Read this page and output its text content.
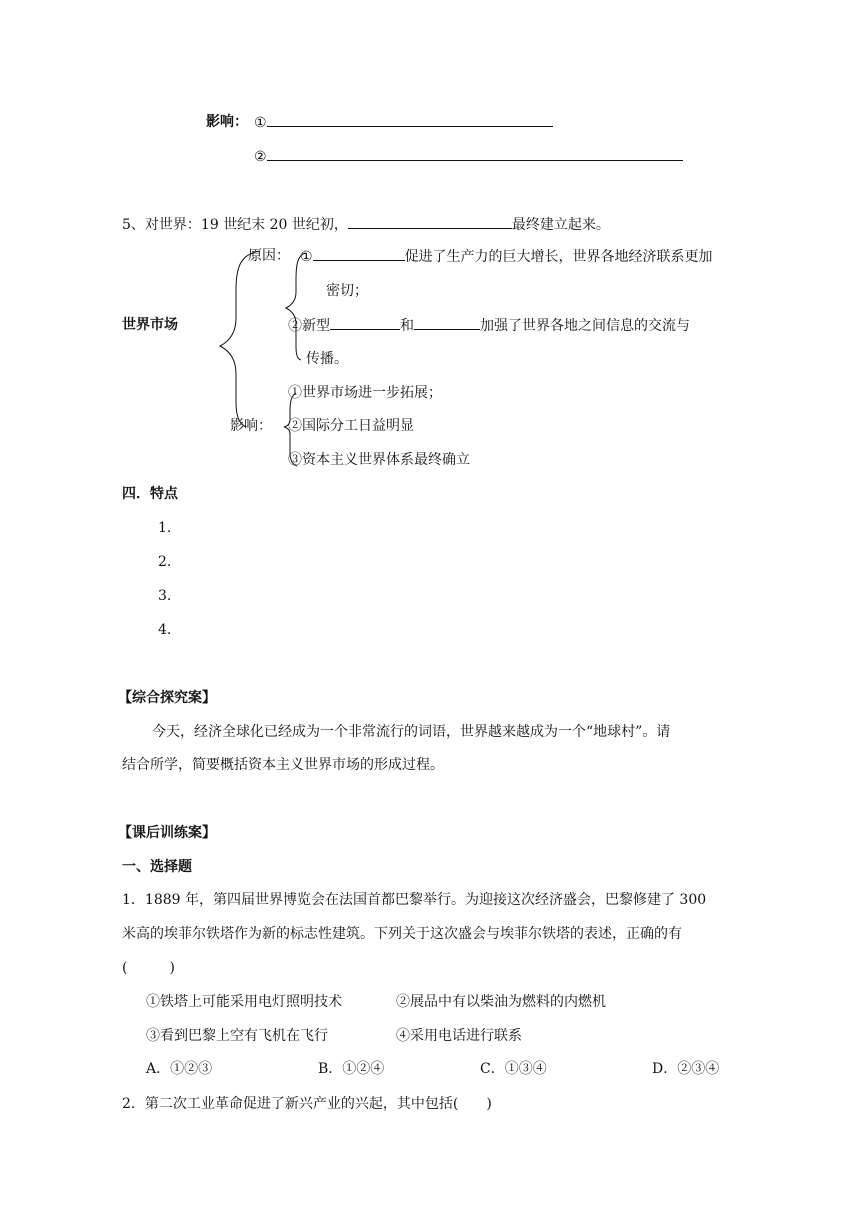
影响： ①
②
5、对世界：19 世纪末 20 世纪初，	最终建立起来。
世界市场
原因： ①	促进了生产力的巨大增长，世界各地经济联系更加
密切；
②新型	和	加强了世界各地之间信息的交流与
传播。
①世界市场进一步拓展；
影响： ②国际分工日益明显
③资本主义世界体系最终确立
四．特点
1.
2.
3.
4.
【综合探究案】
今天，经济全球化已经成为一个非常流行的词语，世界越来越成为一个“地球村”。请
结合所学，简要概括资本主义世界市场的形成过程。
【课后训练案】
一、选择题
1．1889 年，第四届世界博览会在法国首都巴黎举行。为迎接这次经济盛会，巴黎修建了 300
米高的埃菲尔铁塔作为新的标志性建筑。下列关于这次盛会与埃菲尔铁塔的表述，正确的有
(　　　)
①铁塔上可能采用电灯照明技术	②展品中有以柴油为燃料的内燃机
③看到巴黎上空有飞机在飞行	④采用电话进行联系
A．①②③	B．①②④	C．①③④	D．②③④
2．第二次工业革命促进了新兴产业的兴起，其中包括(　　)
